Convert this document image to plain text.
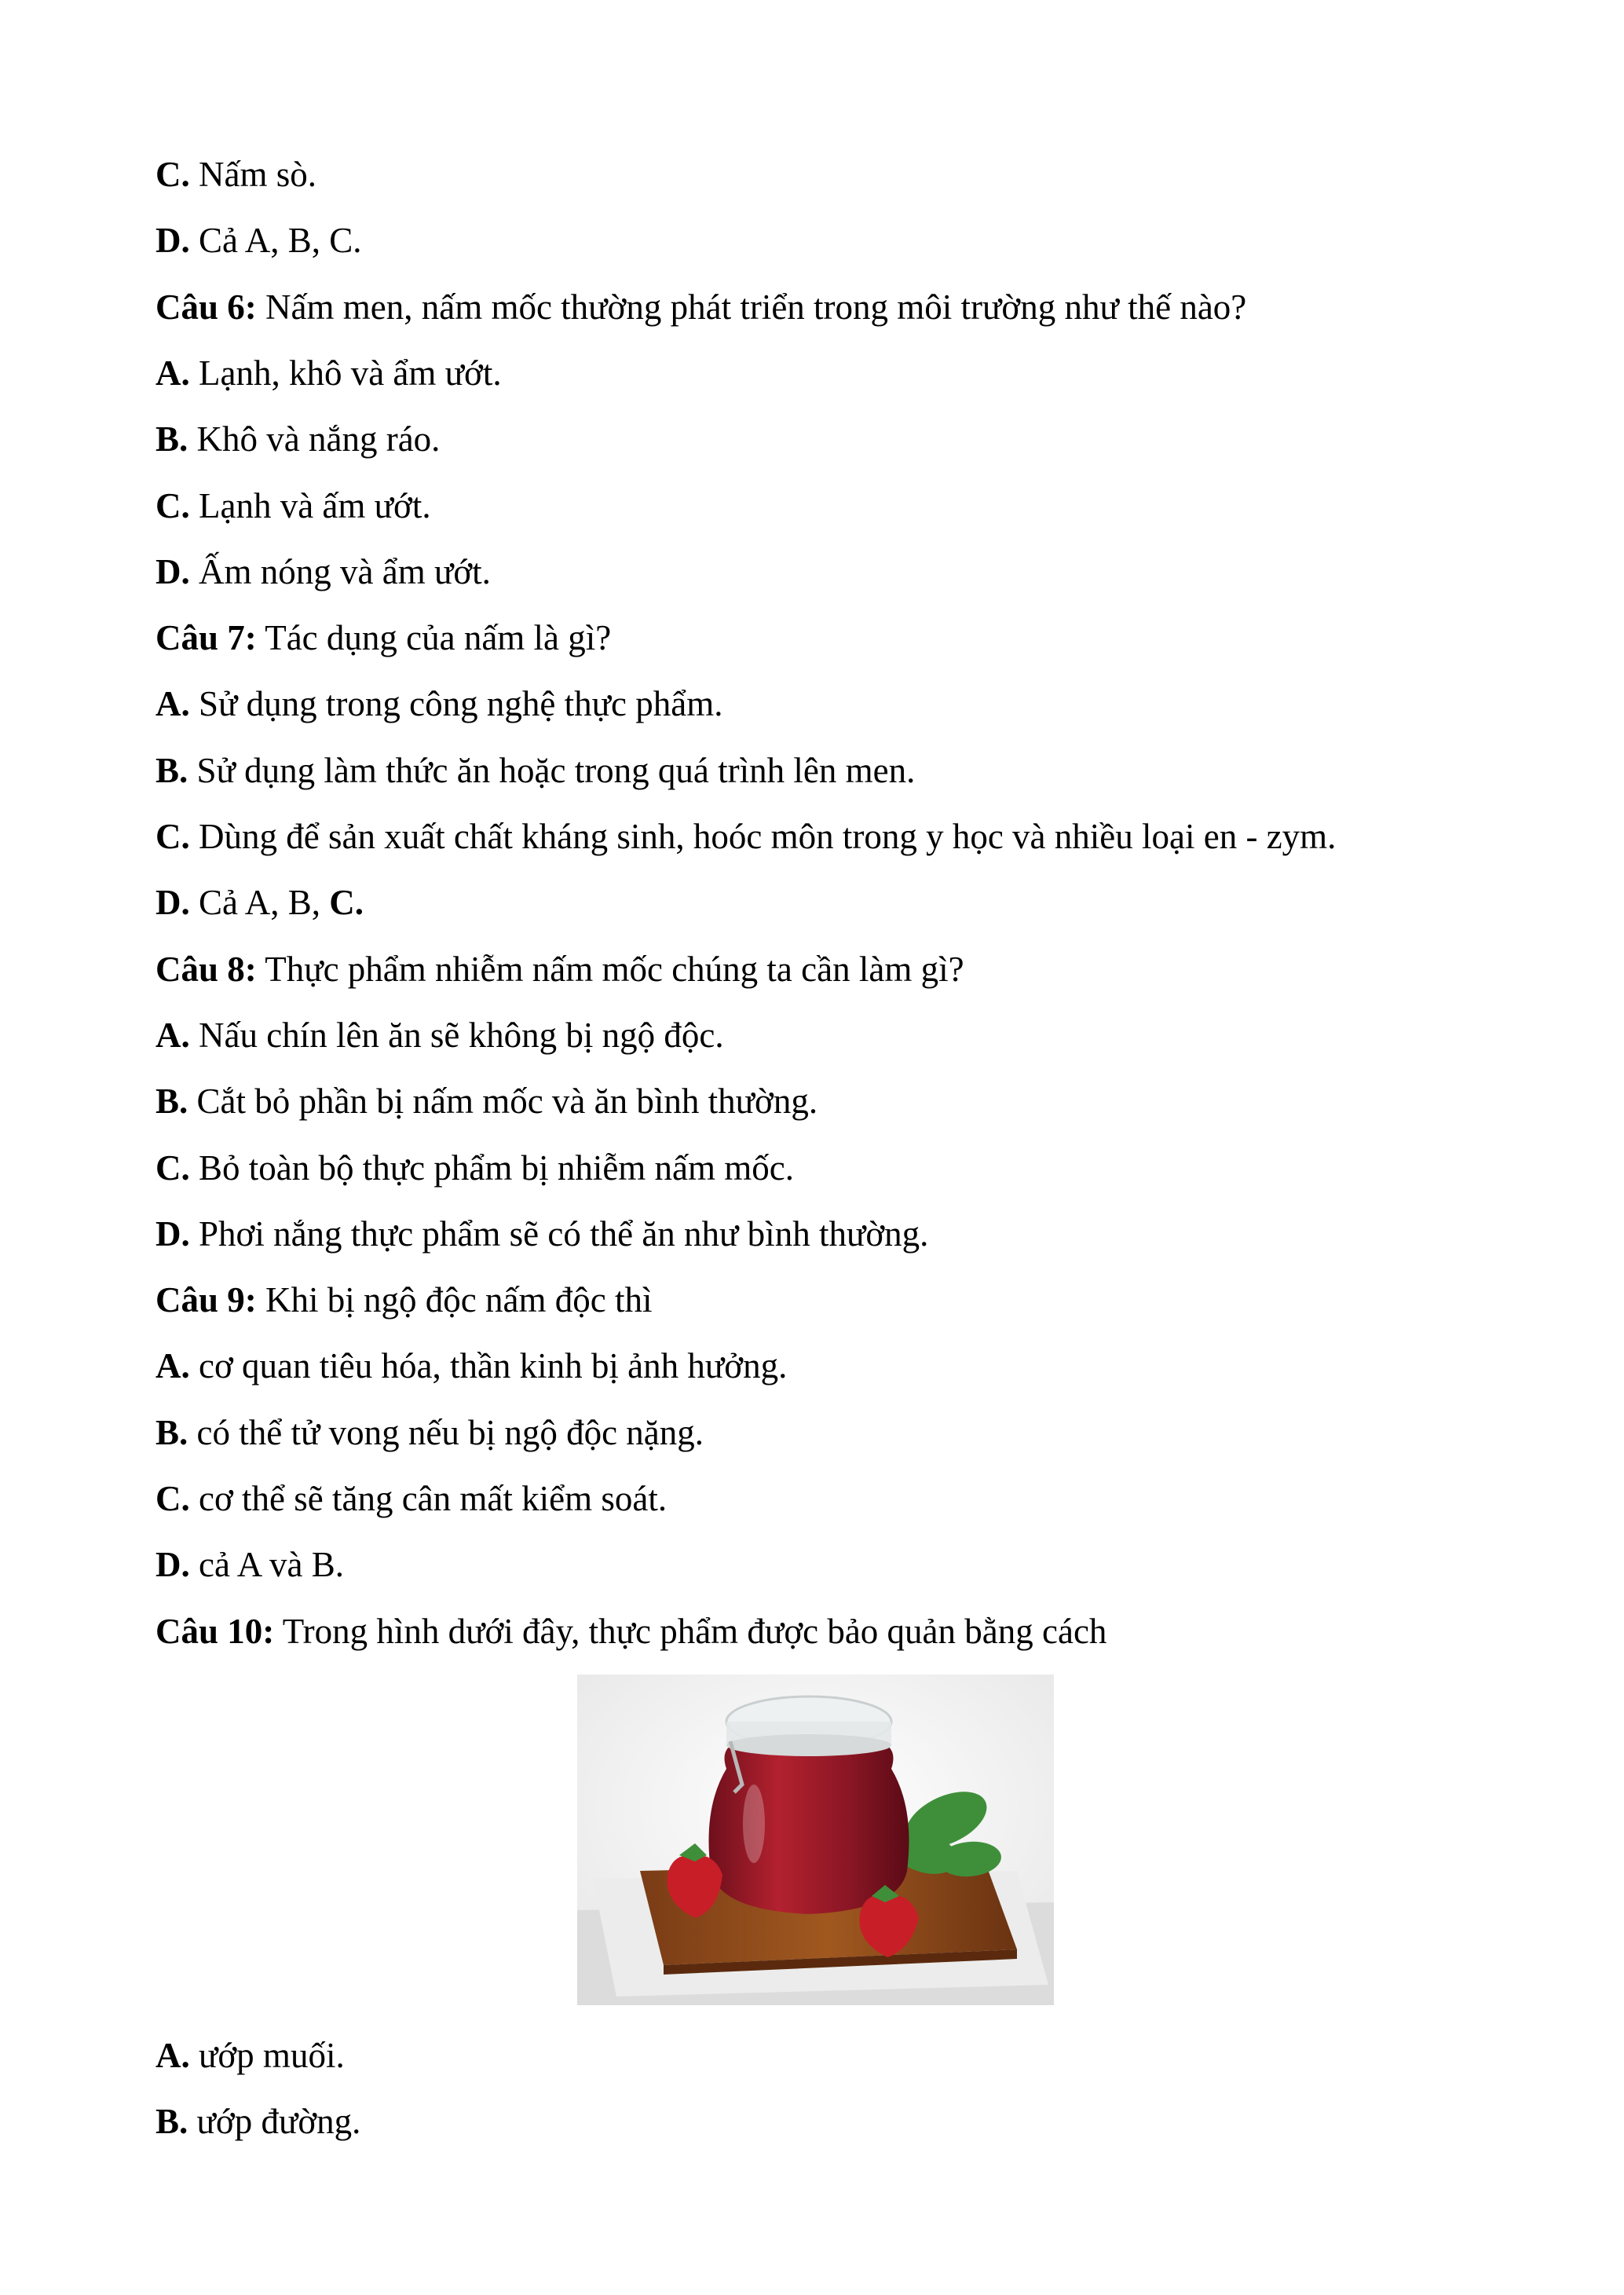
C. Nấm sò.
D. Cả A, B, C.
Câu 6: Nấm men, nấm mốc thường phát triển trong môi trường như thế nào?
A. Lạnh, khô và ẩm ướt.
B. Khô và nắng ráo.
C. Lạnh và ấm ướt.
D. Ấm nóng và ẩm ướt.
Câu 7: Tác dụng của nấm là gì?
A. Sử dụng trong công nghệ thực phẩm.
B. Sử dụng làm thức ăn hoặc trong quá trình lên men.
C. Dùng để sản xuất chất kháng sinh, hoóc môn trong y học và nhiều loại en - zym.
D. Cả A, B, C.
Câu 8: Thực phẩm nhiễm nấm mốc chúng ta cần làm gì?
A. Nấu chín lên ăn sẽ không bị ngộ độc.
B. Cắt bỏ phần bị nấm mốc và ăn bình thường.
C. Bỏ toàn bộ thực phẩm bị nhiễm nấm mốc.
D. Phơi nắng thực phẩm sẽ có thể ăn như bình thường.
Câu 9: Khi bị ngộ độc nấm độc thì
A. cơ quan tiêu hóa, thần kinh bị ảnh hưởng.
B. có thể tử vong nếu bị ngộ độc nặng.
C. cơ thể sẽ tăng cân mất kiểm soát.
D. cả A và B.
Câu 10: Trong hình dưới đây, thực phẩm được bảo quản bằng cách
A. ướp muối.
B. ướp đường.
